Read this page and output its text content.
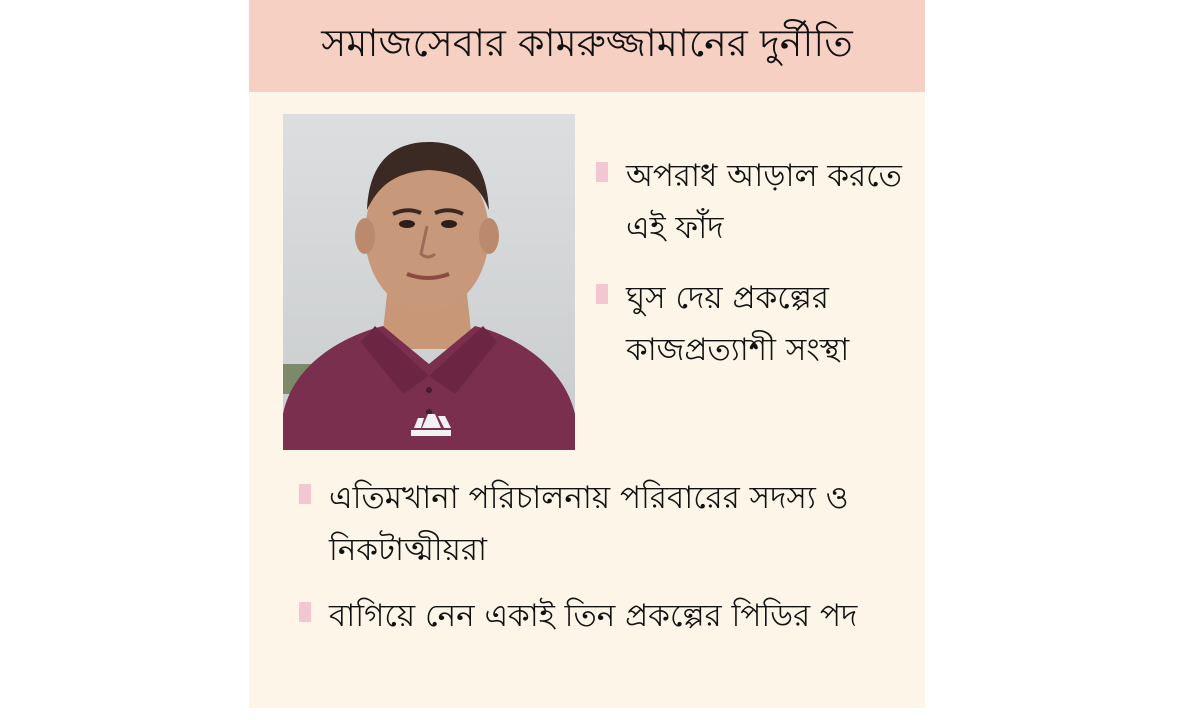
সমাজসেবার কামরুজ্জামানের দুর্নীতি
অপরাধ আড়াল করতে এই ফাঁদ
ঘুস দেয় প্রকল্পের কাজপ্রত্যাশী সংস্থা
এতিমখানা পরিচালনায় পরিবারের সদস্য ও নিকটাত্মীয়রা
বাগিয়ে নেন একাই তিন প্রকল্পের পিডির পদ
